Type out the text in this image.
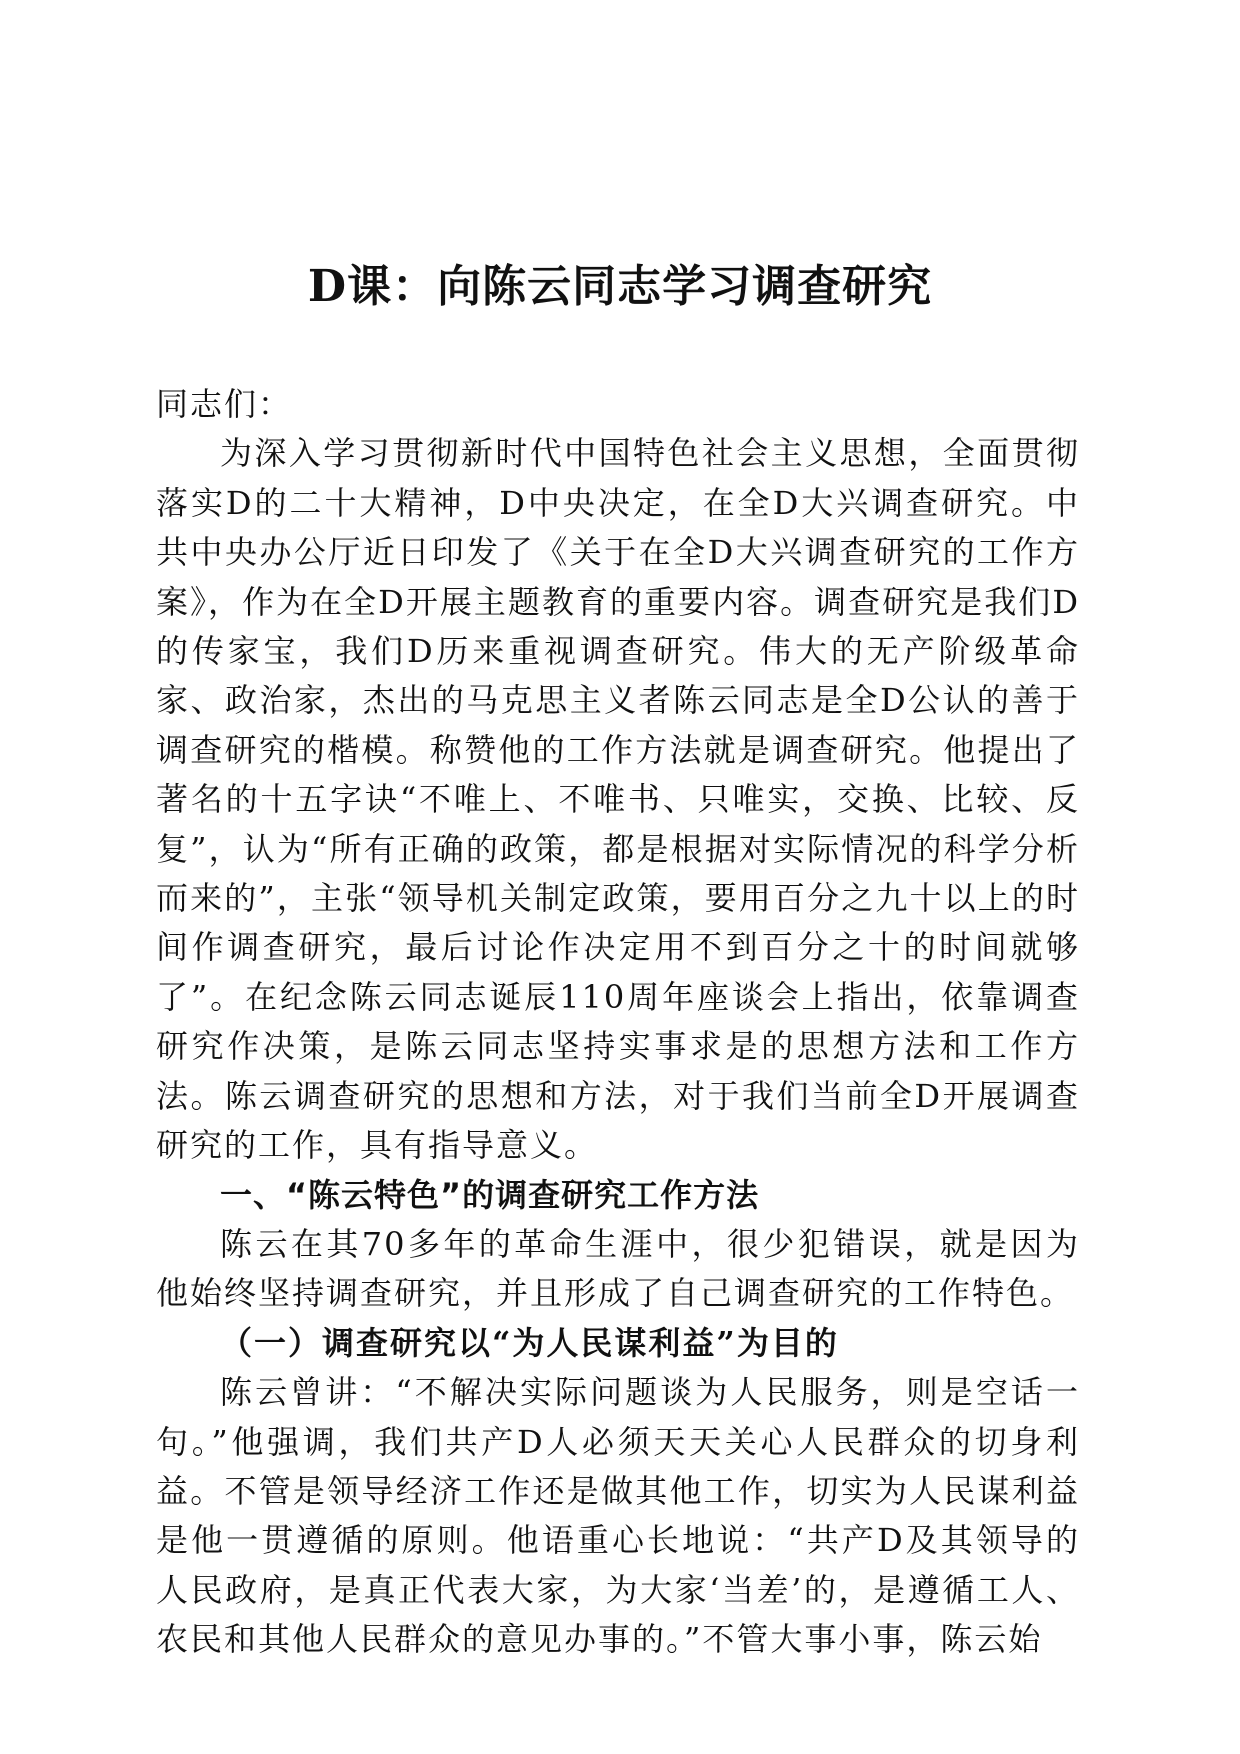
D课：向陈云同志学习调查研究

同志们：

为深入学习贯彻新时代中国特色社会主义思想，全面贯彻落实D的二十大精神，D中央决定，在全D大兴调查研究。中共中央办公厅近日印发了《关于在全D大兴调查研究的工作方案》，作为在全D开展主题教育的重要内容。调查研究是我们D的传家宝，我们D历来重视调查研究。伟大的无产阶级革命家、政治家，杰出的马克思主义者陈云同志是全D公认的善于调查研究的楷模。称赞他的工作方法就是调查研究。他提出了著名的十五字诀“不唯上、不唯书、只唯实，交换、比较、反复”，认为“所有正确的政策，都是根据对实际情况的科学分析而来的”，主张“领导机关制定政策，要用百分之九十以上的时间作调查研究，最后讨论作决定用不到百分之十的时间就够了”。在纪念陈云同志诞辰110周年座谈会上指出，依靠调查研究作决策，是陈云同志坚持实事求是的思想方法和工作方法。陈云调查研究的思想和方法，对于我们当前全D开展调查研究的工作，具有指导意义。

一、“陈云特色”的调查研究工作方法

陈云在其70多年的革命生涯中，很少犯错误，就是因为他始终坚持调查研究，并且形成了自己调查研究的工作特色。

（一）调查研究以“为人民谋利益”为目的

陈云曾讲：“不解决实际问题谈为人民服务，则是空话一句。”他强调，我们共产D人必须天天关心人民群众的切身利益。不管是领导经济工作还是做其他工作，切实为人民谋利益是他一贯遵循的原则。他语重心长地说：“共产D及其领导的人民政府，是真正代表大家，为大家‘当差’的，是遵循工人、农民和其他人民群众的意见办事的。”不管大事小事，陈云始
